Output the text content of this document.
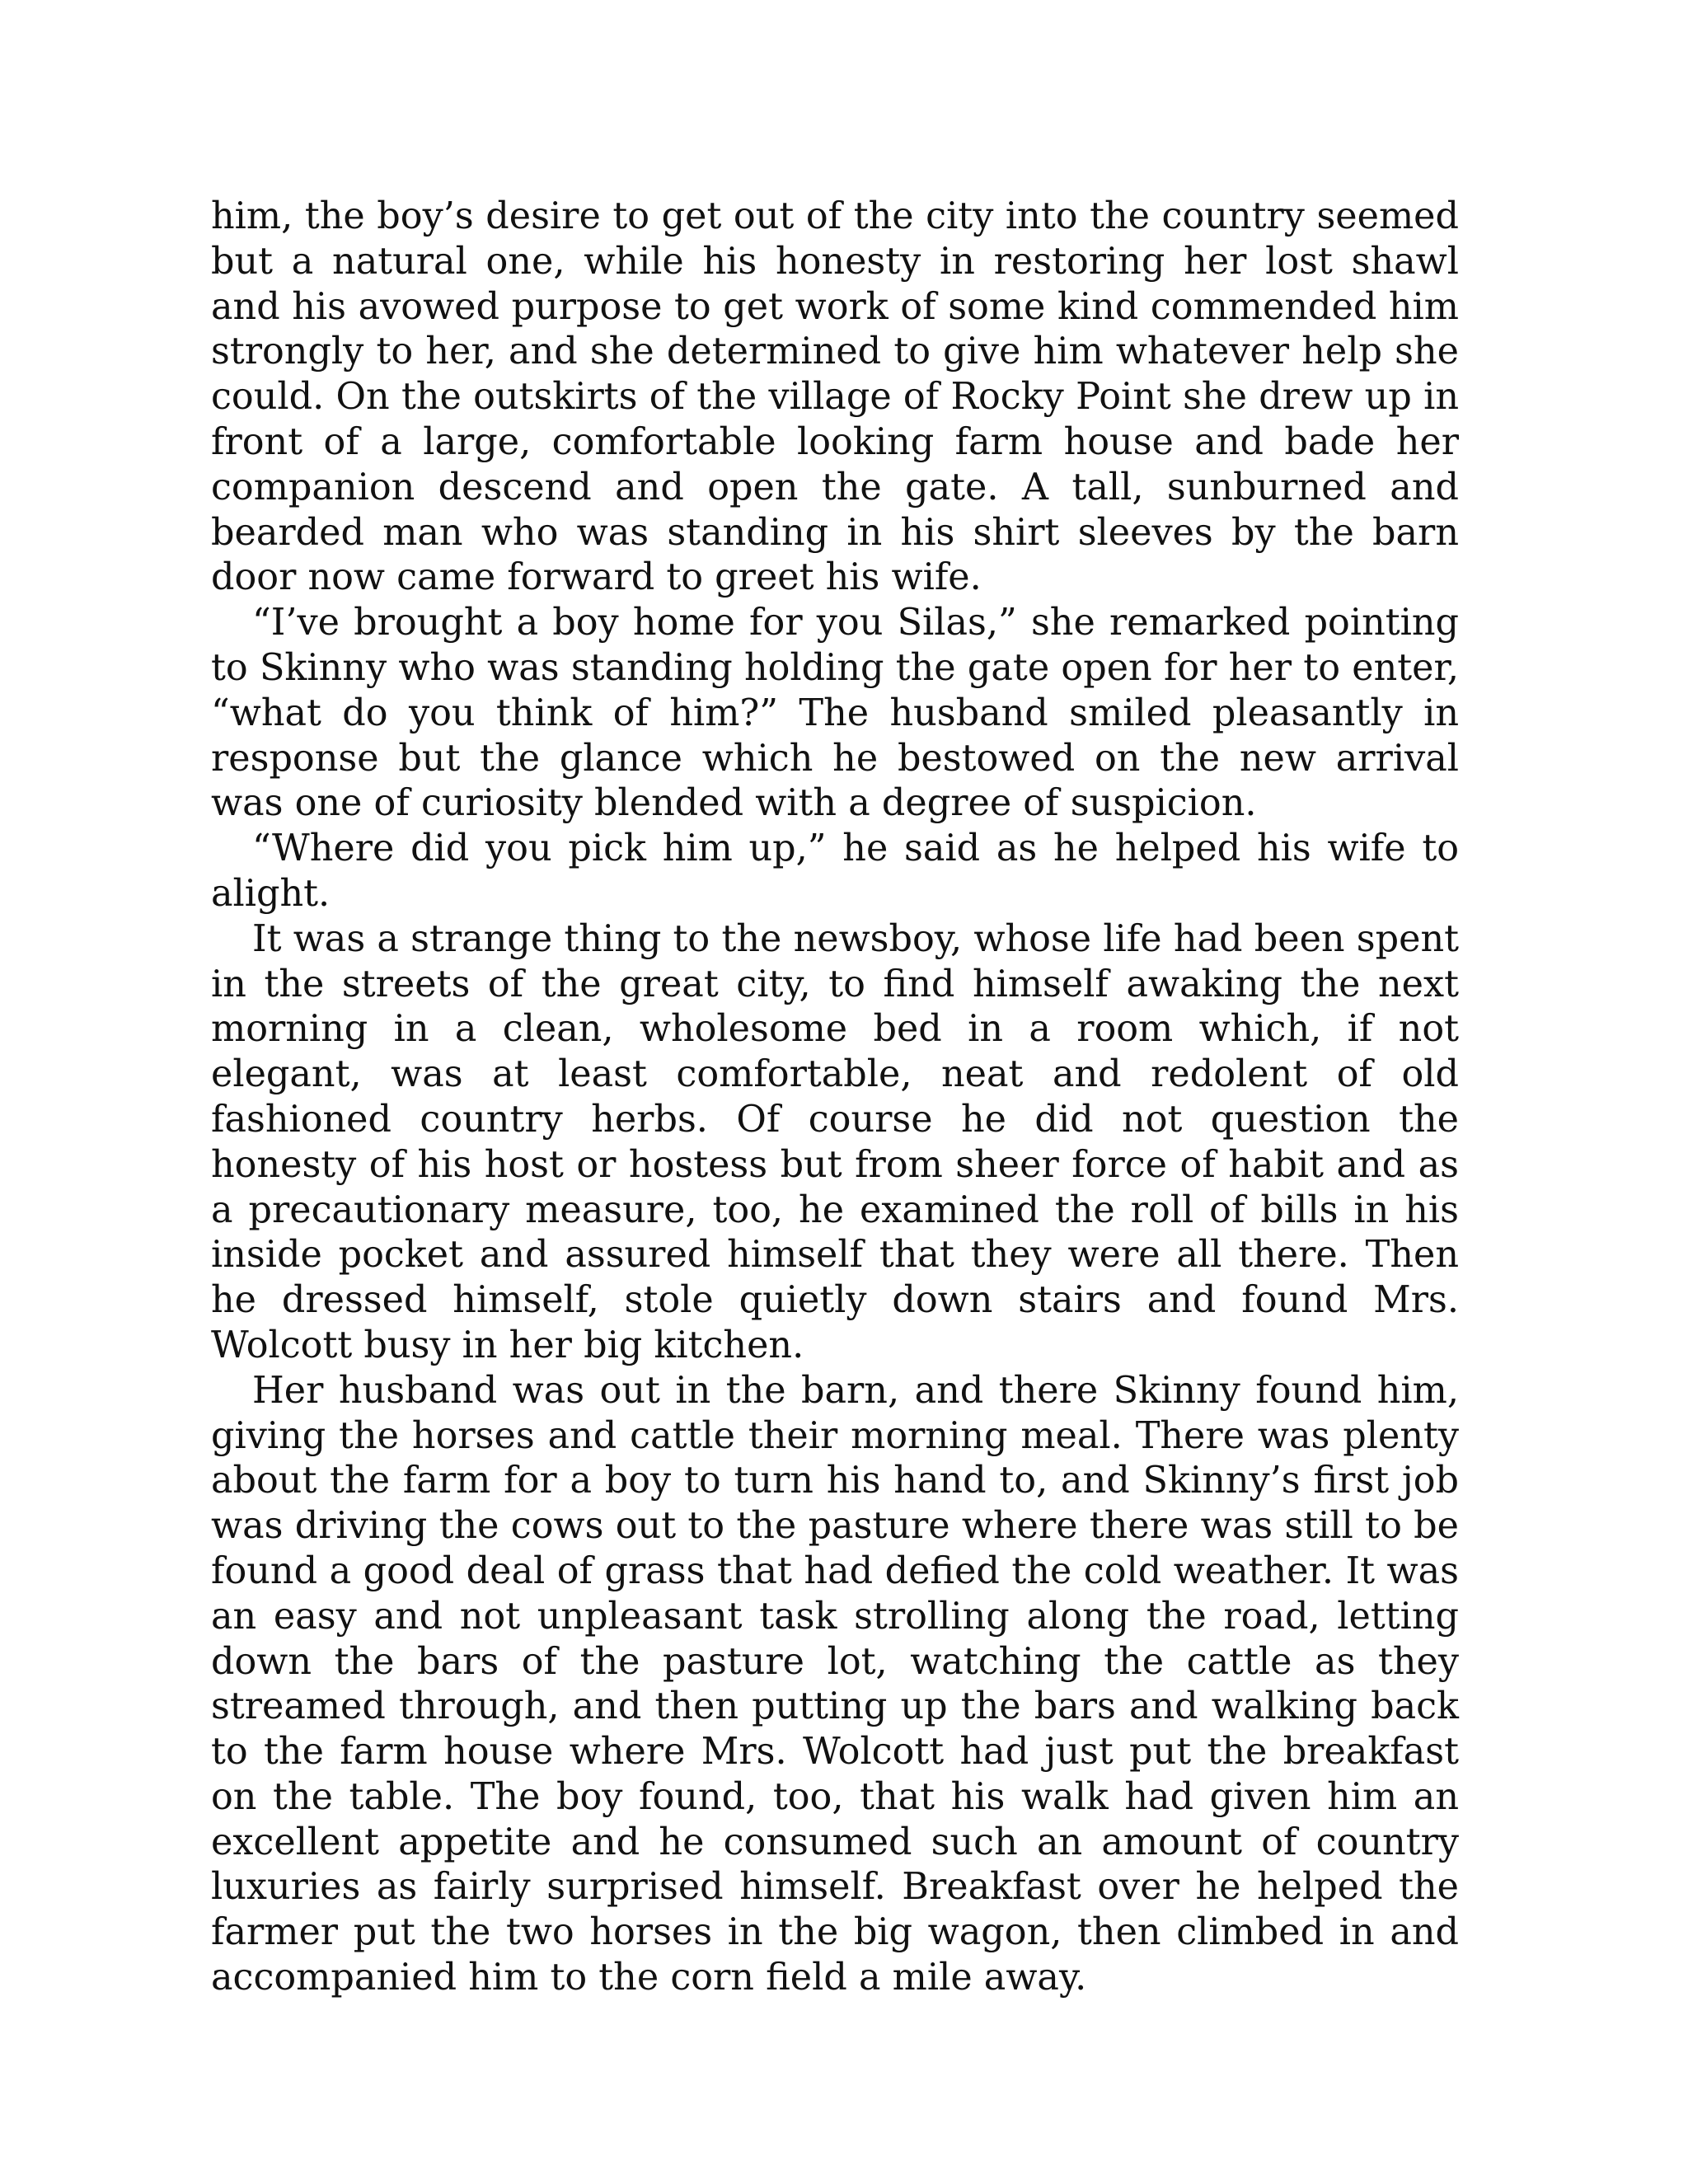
him, the boy’s desire to get out of the city into the country seemed but a natural one, while his honesty in restoring her lost shawl and his avowed purpose to get work of some kind commended him strongly to her, and she determined to give him whatever help she could. On the outskirts of the village of Rocky Point she drew up in front of a large, comfortable looking farm house and bade her companion descend and open the gate. A tall, sunburned and bearded man who was standing in his shirt sleeves by the barn door now came forward to greet his wife.

“I’ve brought a boy home for you Silas,” she remarked pointing to Skinny who was standing holding the gate open for her to enter, “what do you think of him?” The husband smiled pleasantly in response but the glance which he bestowed on the new arrival was one of curiosity blended with a degree of suspicion.

“Where did you pick him up,” he said as he helped his wife to alight.

It was a strange thing to the newsboy, whose life had been spent in the streets of the great city, to find himself awaking the next morning in a clean, wholesome bed in a room which, if not elegant, was at least comfortable, neat and redolent of old fashioned country herbs. Of course he did not question the honesty of his host or hostess but from sheer force of habit and as a precautionary measure, too, he examined the roll of bills in his inside pocket and assured himself that they were all there. Then he dressed himself, stole quietly down stairs and found Mrs. Wolcott busy in her big kitchen.

Her husband was out in the barn, and there Skinny found him, giving the horses and cattle their morning meal. There was plenty about the farm for a boy to turn his hand to, and Skinny’s first job was driving the cows out to the pasture where there was still to be found a good deal of grass that had defied the cold weather. It was an easy and not unpleasant task strolling along the road, letting down the bars of the pasture lot, watching the cattle as they streamed through, and then putting up the bars and walking back to the farm house where Mrs. Wolcott had just put the breakfast on the table. The boy found, too, that his walk had given him an excellent appetite and he consumed such an amount of country luxuries as fairly surprised himself. Breakfast over he helped the farmer put the two horses in the big wagon, then climbed in and accompanied him to the corn field a mile away.
